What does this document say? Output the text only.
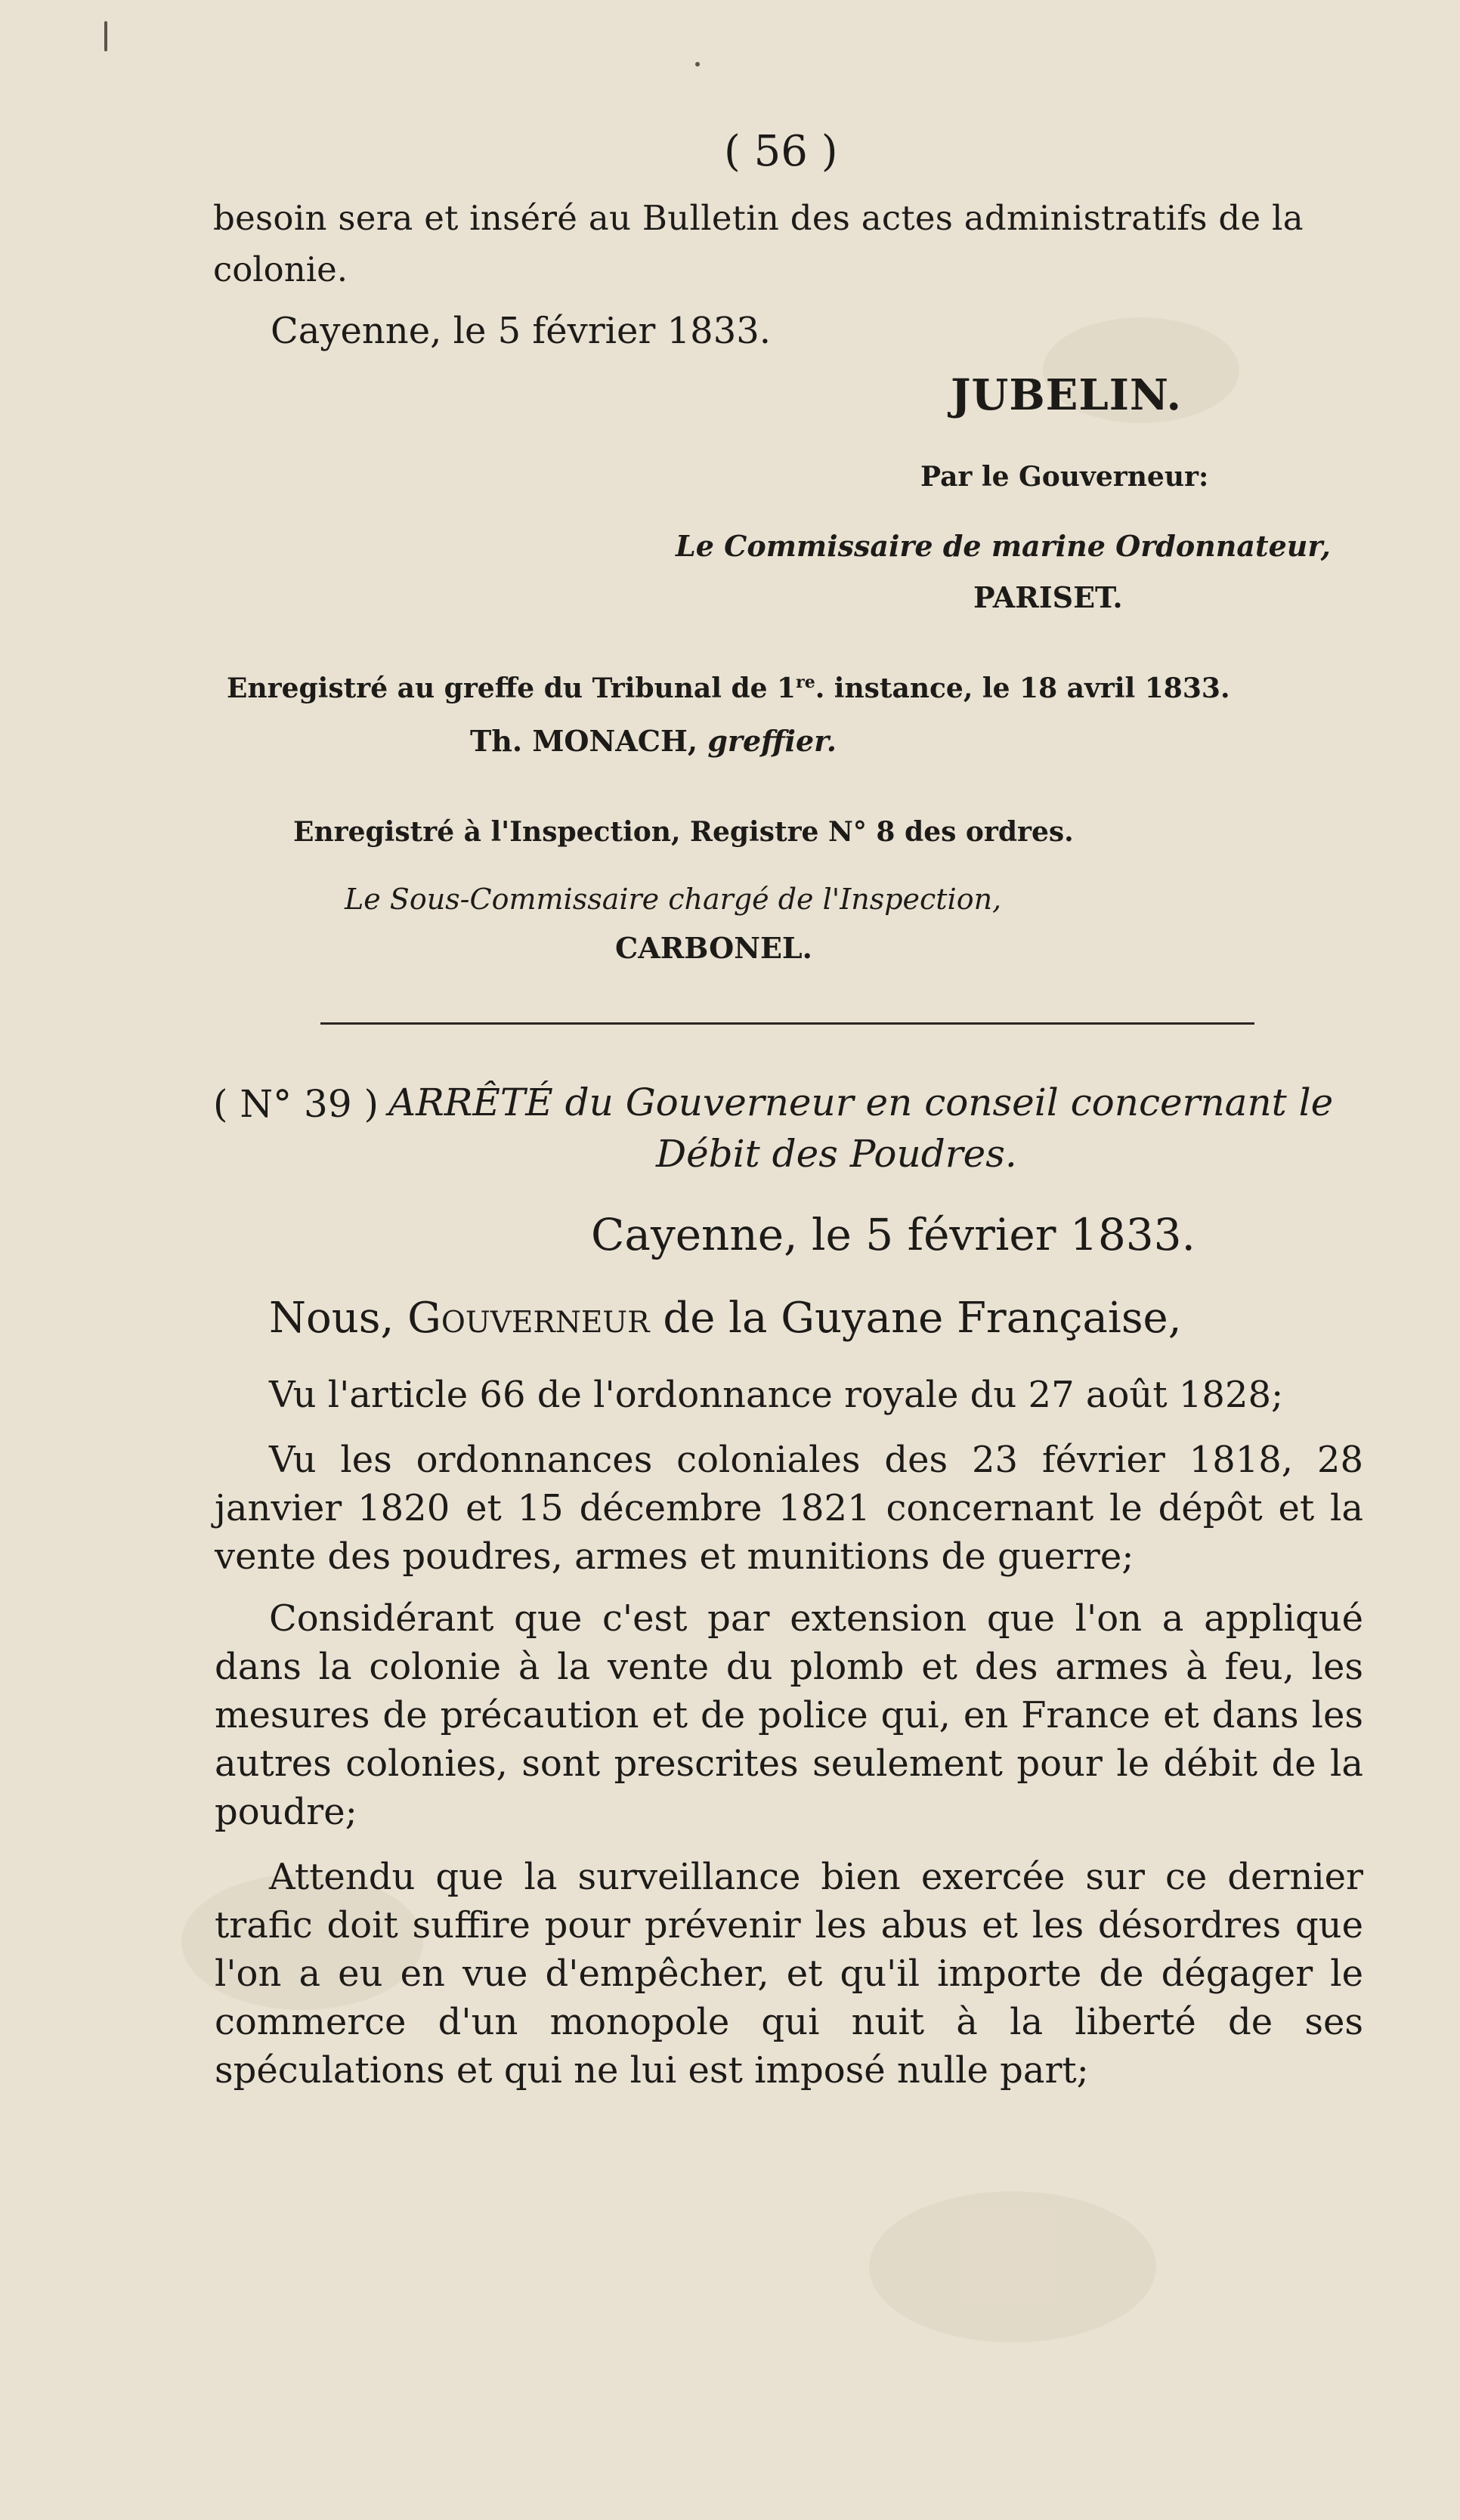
( 56 )
besoin sera et inséré au Bulletin des actes administratifs de la
colonie.
Cayenne, le 5 février 1833.
JUBELIN.
Par le Gouverneur:
Le Commissaire de marine Ordonnateur,
PARISET.
Enregistré au greffe du Tribunal de 1re. instance, le 18 avril 1833.
Th. MONACH, greffier.
Enregistré à l'Inspection, Registre N° 8 des ordres.
Le Sous-Commissaire chargé de l'Inspection,
CARBONEL.
( N° 39 ) ARRÊTÉ du Gouverneur en conseil concernant le
Débit des Poudres.
Cayenne, le 5 février 1833.
Nous, Gouverneur de la Guyane Française,
Vu l'article 66 de l'ordonnance royale du 27 août 1828;

Vu les ordonnances coloniales des 23 février 1818, 28 janvier 1820 et 15 décembre 1821 concernant le dépôt et la vente des poudres, armes et munitions de guerre;

Considérant que c'est par extension que l'on a appliqué dans la colonie à la vente du plomb et des armes à feu, les mesures de précaution et de police qui, en France et dans les autres colonies, sont prescrites seulement pour le débit de la poudre;

Attendu que la surveillance bien exercée sur ce dernier trafic doit suffire pour prévenir les abus et les désordres que l'on a eu en vue d'empêcher, et qu'il importe de dégager le commerce d'un monopole qui nuit à la liberté de ses spéculations et qui ne lui est imposé nulle part;
